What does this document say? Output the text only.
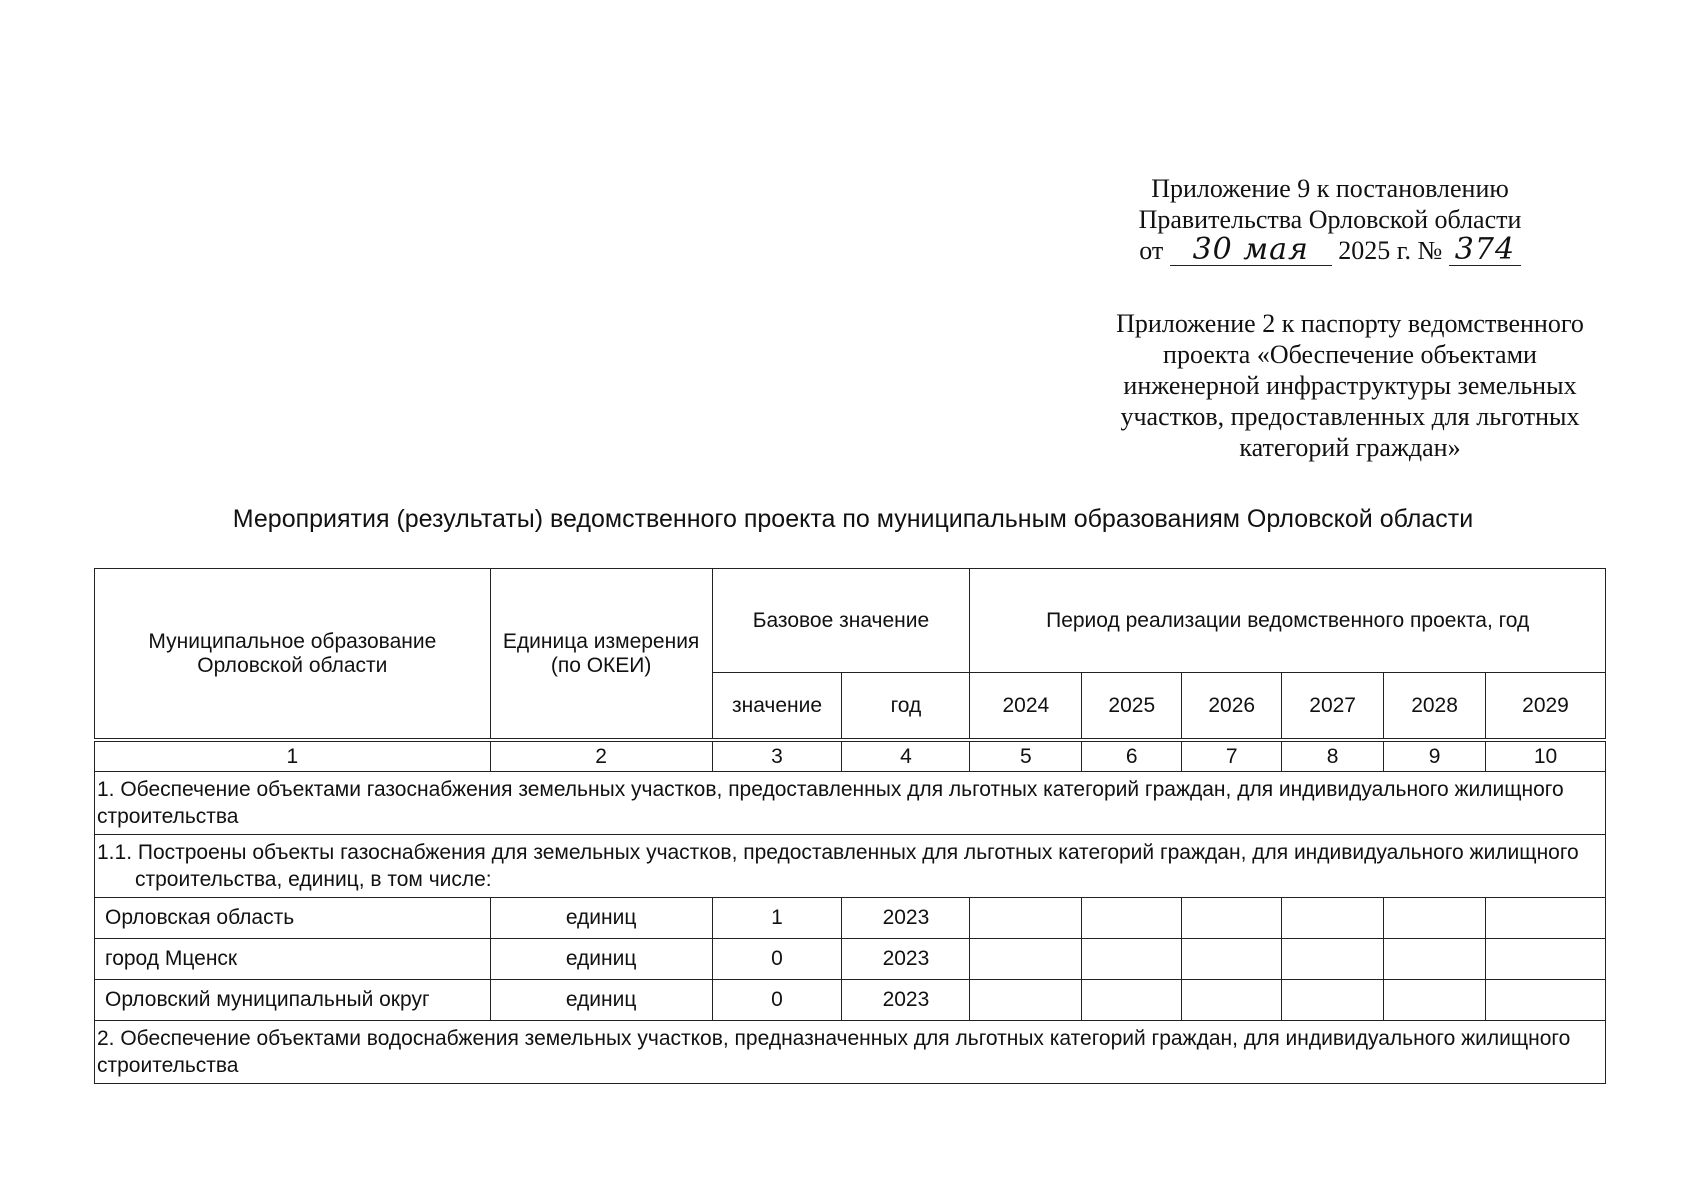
Приложение 9 к постановлению
Правительства Орловской области
от 30 мая 2025 г. № 374
Приложение 2 к паспорту ведомственного
проекта «Обеспечение объектами
инженерной инфраструктуры земельных
участков, предоставленных для льготных
категорий граждан»
Мероприятия (результаты) ведомственного проекта по муниципальным образованиям Орловской области
Муниципальное образование Орловской области	Единица измерения (по ОКЕИ)	Базовое значение		Период реализации ведомственного проекта, год					
		значение	год	2024	2025	2026	2027	2028	2029

1	2	3	4	5	6	7	8	9	10
1. Обеспечение объектами газоснабжения земельных участков, предоставленных для льготных категорий граждан, для индивидуального жилищного строительства									
1.1. Построены объекты газоснабжения для земельных участков, предоставленных для льготных категорий граждан, для индивидуального жилищного строительства, единиц, в том числе:									
Орловская область	единиц	1	2023						
город Мценск	единиц	0	2023						
Орловский муниципальный округ	единиц	0	2023						
2. Обеспечение объектами водоснабжения земельных участков, предназначенных для льготных категорий граждан, для индивидуального жилищного строительства									
